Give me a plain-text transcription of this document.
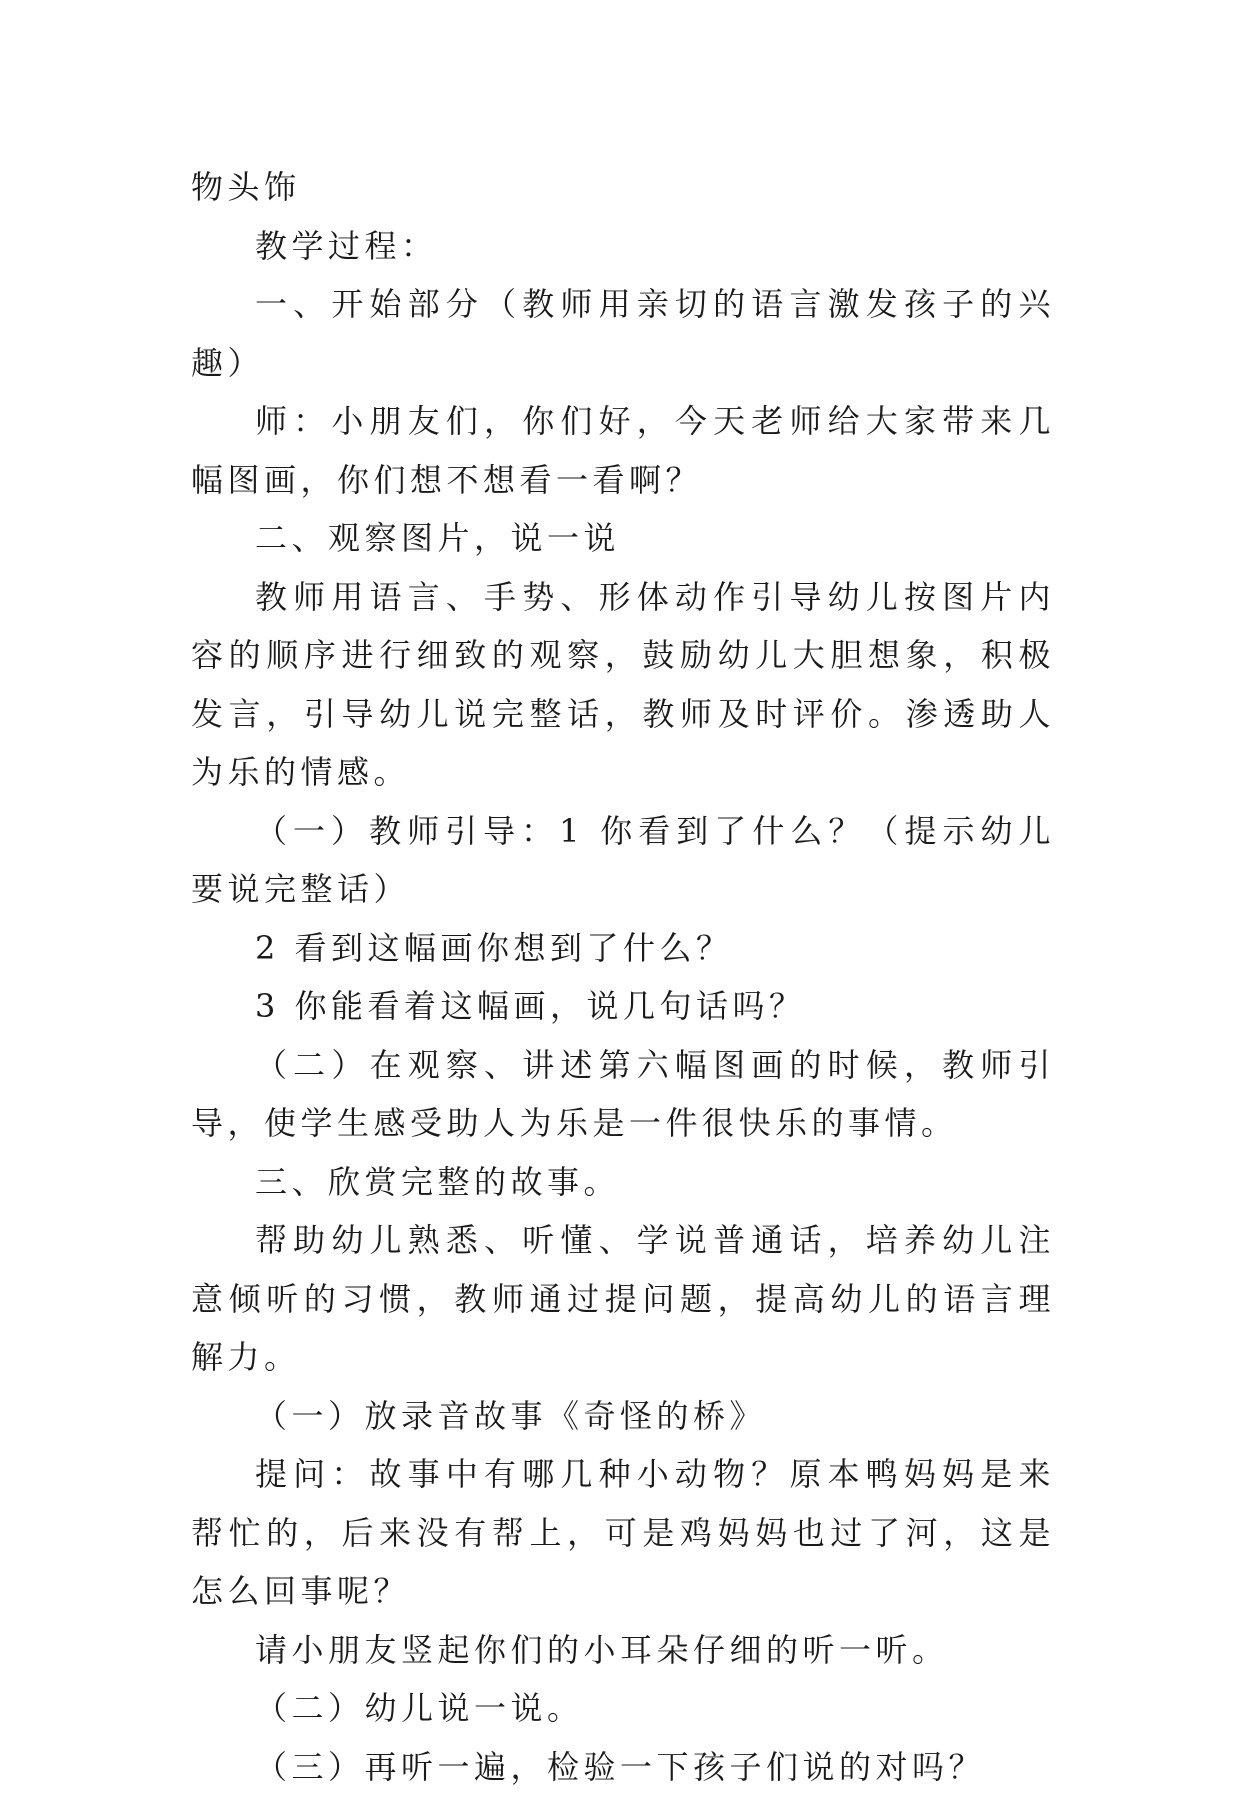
物头饰

教学过程：

一、开始部分（教师用亲切的语言激发孩子的兴趣）

师：小朋友们，你们好，今天老师给大家带来几幅图画，你们想不想看一看啊？

二、观察图片，说一说

教师用语言、手势、形体动作引导幼儿按图片内容的顺序进行细致的观察，鼓励幼儿大胆想象，积极发言，引导幼儿说完整话，教师及时评价。渗透助人为乐的情感。

（一）教师引导：1 你看到了什么？（提示幼儿要说完整话）

2 看到这幅画你想到了什么？

3 你能看着这幅画，说几句话吗？

（二）在观察、讲述第六幅图画的时候，教师引导，使学生感受助人为乐是一件很快乐的事情。

三、欣赏完整的故事。

帮助幼儿熟悉、听懂、学说普通话，培养幼儿注意倾听的习惯，教师通过提问题，提高幼儿的语言理解力。

（一）放录音故事《奇怪的桥》

提问：故事中有哪几种小动物？原本鸭妈妈是来帮忙的，后来没有帮上，可是鸡妈妈也过了河，这是怎么回事呢？

请小朋友竖起你们的小耳朵仔细的听一听。

（二）幼儿说一说。

（三）再听一遍，检验一下孩子们说的对吗？
